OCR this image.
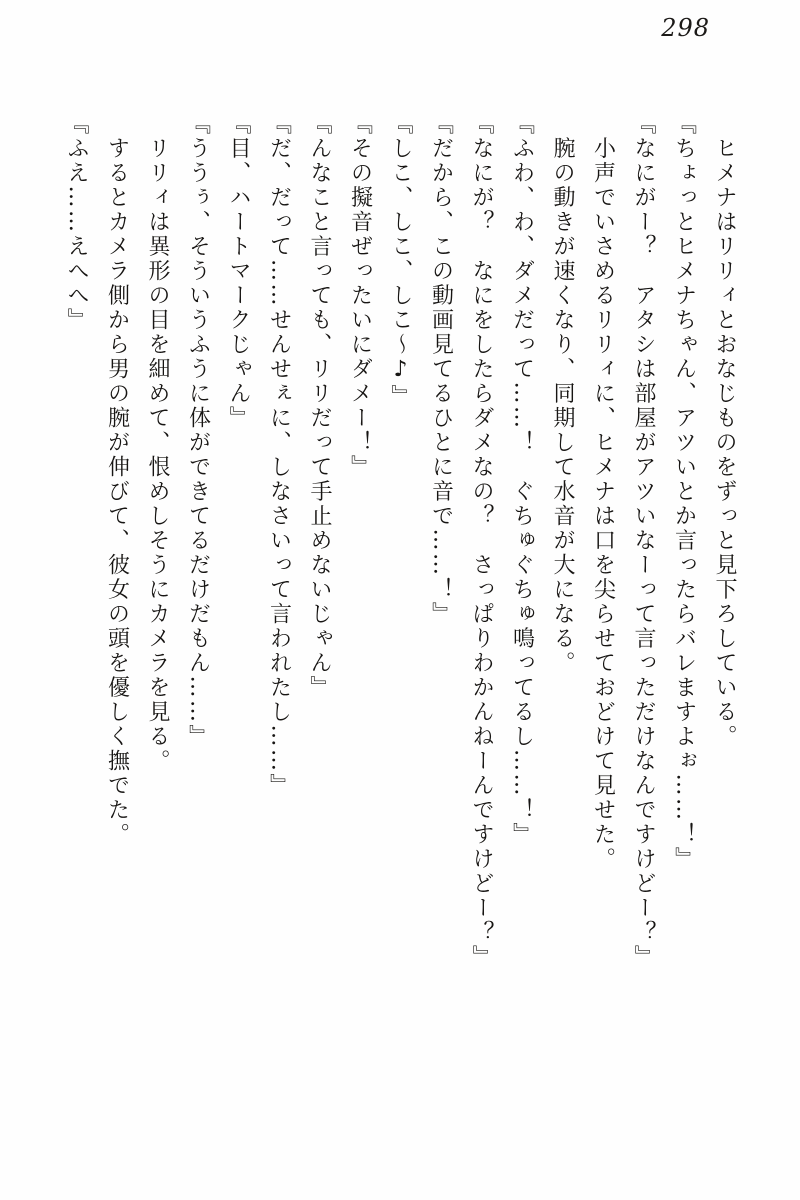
298

　ヒメナはリリィとおなじものをずっと見下ろしている。

『ちょっとヒメナちゃん、アツいとか言ったらバレますよぉ……！』

『なにがー？　アタシは部屋がアツいなーって言っただけなんですけどー？』

　小声でいさめるリリィに、ヒメナは口を尖らせておどけて見せた。

　腕の動きが速くなり、同期して水音が大になる。

『ふわ、わ、ダメだって……！　ぐちゅぐちゅ鳴ってるし……！』

『なにが？　なにをしたらダメなの？　さっぱりわかんねーんですけどー？』

『だから、この動画見てるひとに音で……！』

『しこ、しこ、しこ〜♪』

『その擬音ぜったいにダメー！』

『んなこと言っても、リリだって手止めないじゃん』

『だ、だって……せんせぇに、しなさいって言われたし……』

『目、ハートマークじゃん』

『ううぅ、そういうふうに体ができてるだけだもん……』

　リリィは異形の目を細めて、恨めしそうにカメラを見る。

　するとカメラ側から男の腕が伸びて、彼女の頭を優しく撫でた。

『ふえ……えへへ』
